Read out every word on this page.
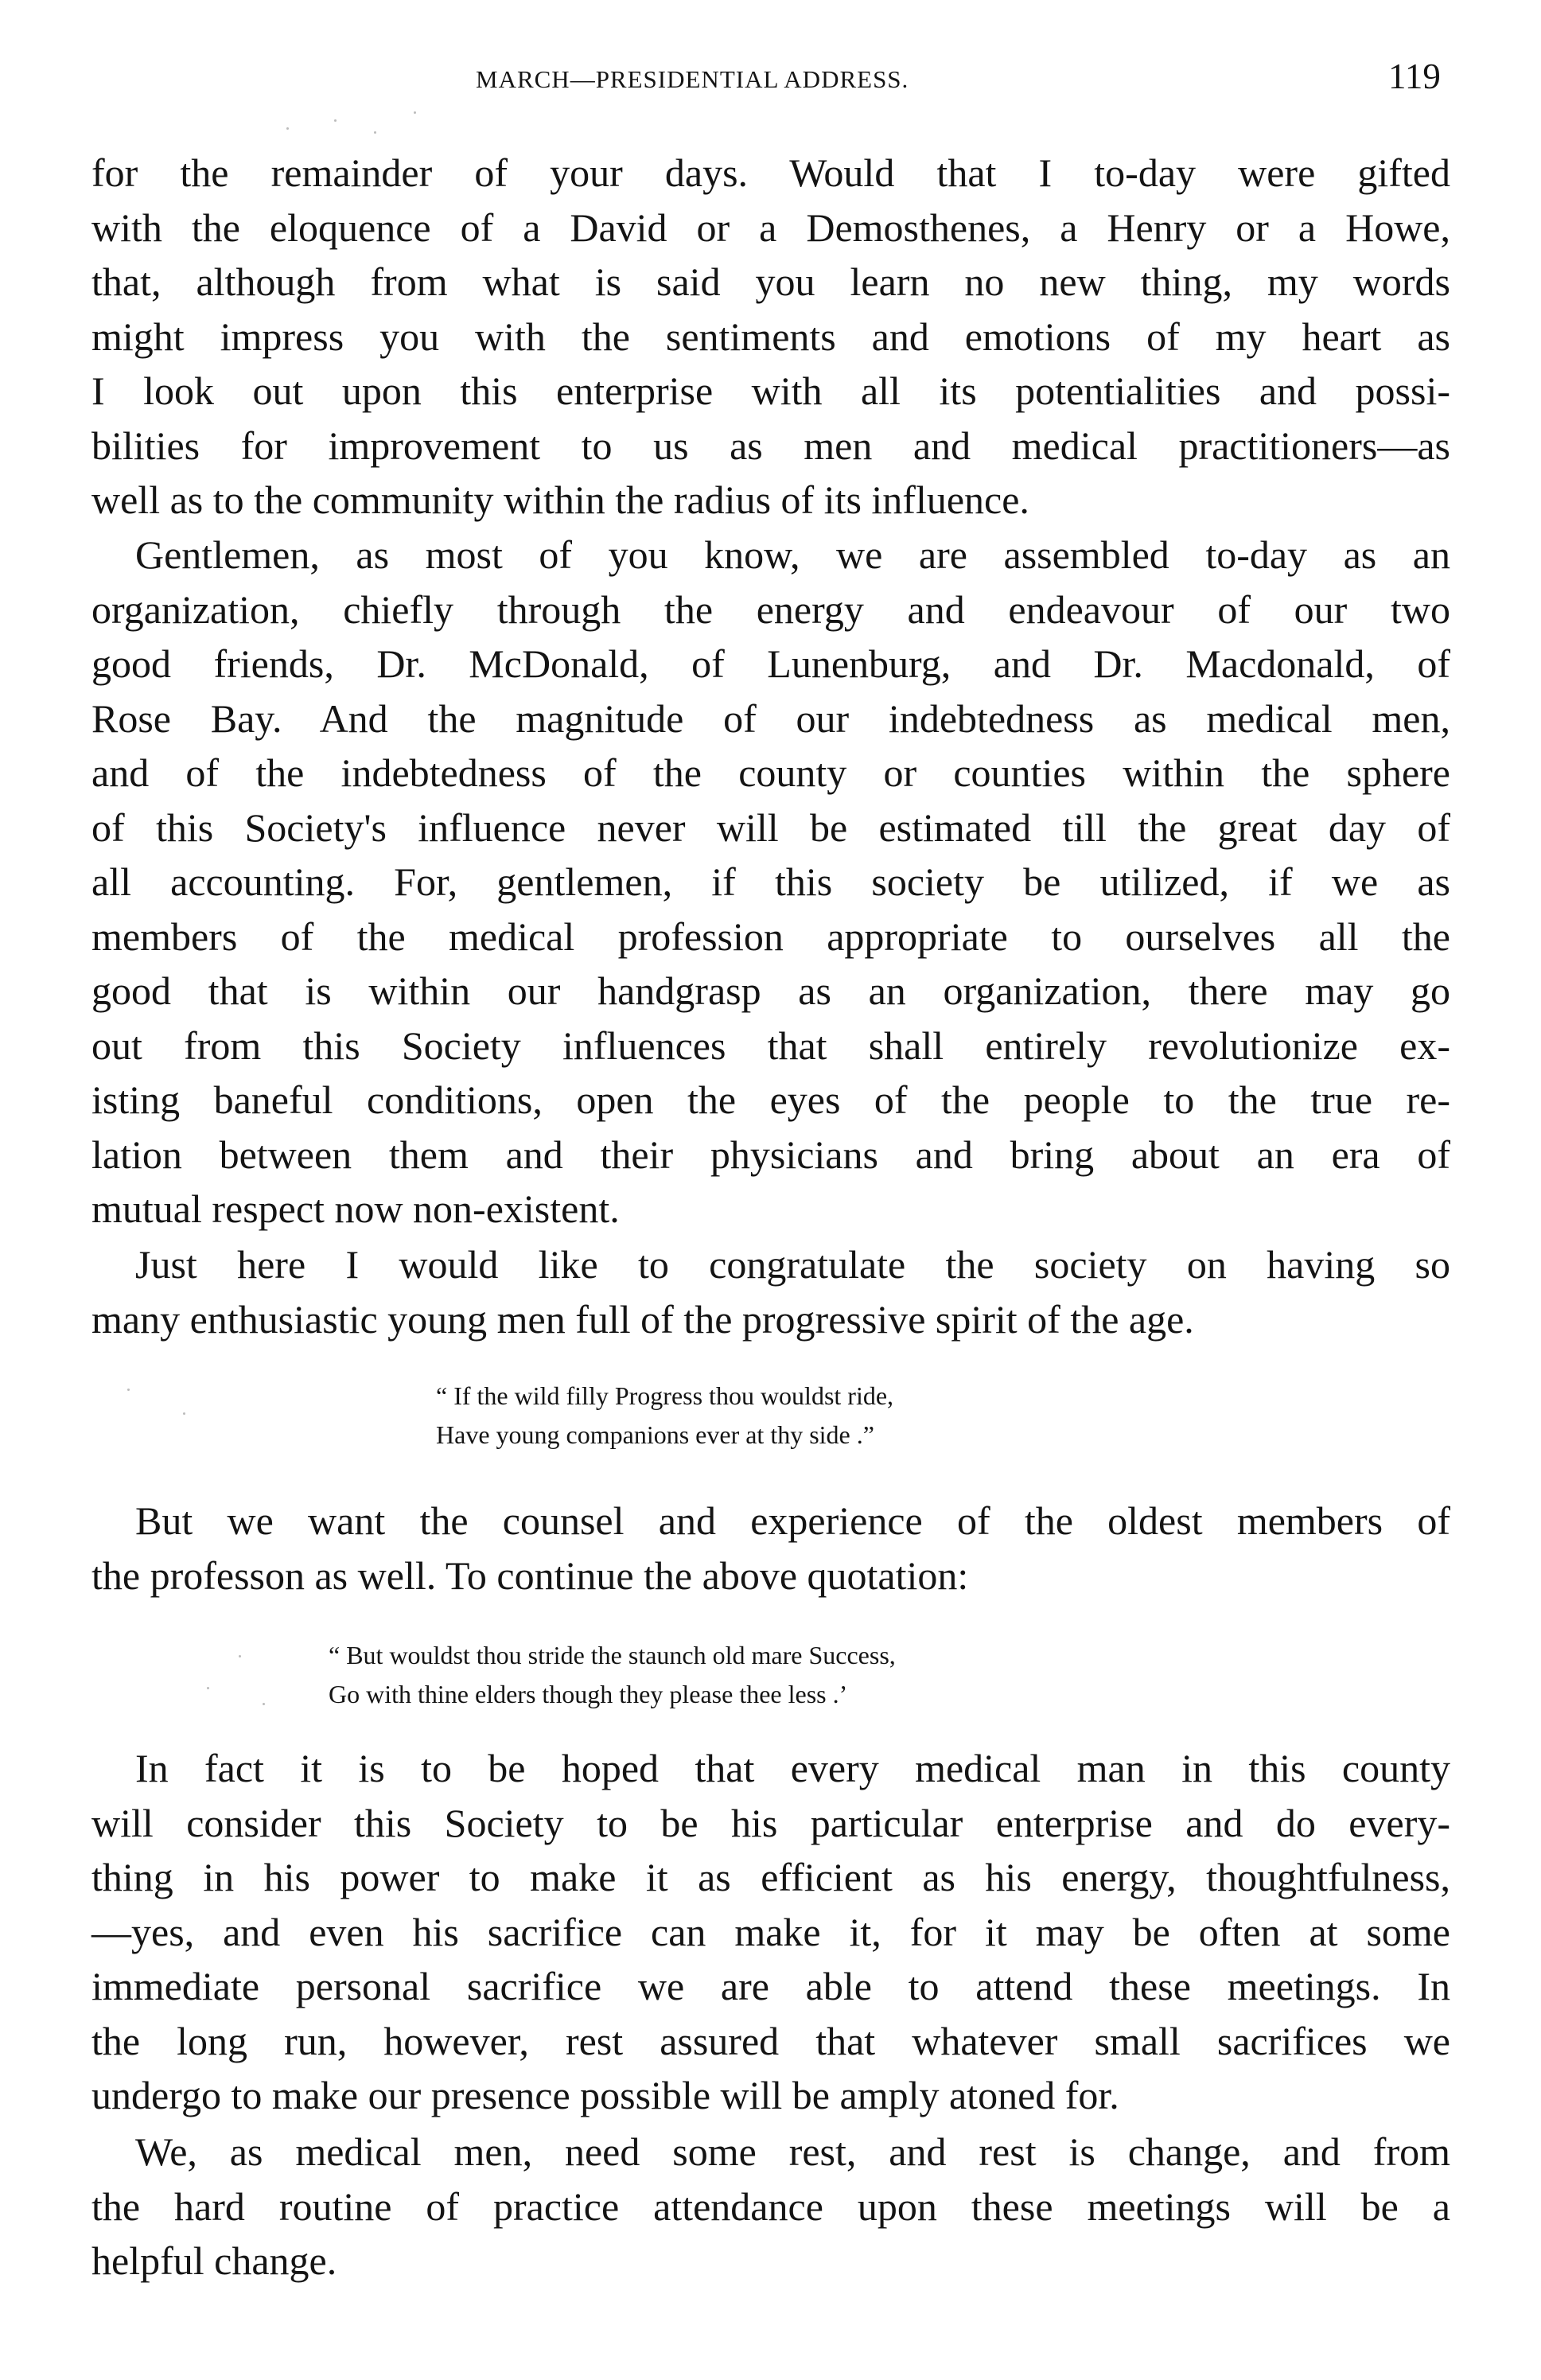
MARCH—PRESIDENTIAL ADDRESS.	119
for the remainder of your days. Would that I to-day were gifted
with the eloquence of a David or a Demosthenes, a Henry or a Howe,
that, although from what is said you learn no new thing, my words
might impress you with the sentiments and emotions of my heart as
I look out upon this enterprise with all its potentialities and possi-
bilities for improvement to us as men and medical practitioners—as
well as to the community within the radius of its influence.
Gentlemen, as most of you know, we are assembled to-day as an
organization, chiefly through the energy and endeavour of our two
good friends, Dr. McDonald, of Lunenburg, and Dr. Macdonald, of
Rose Bay. And the magnitude of our indebtedness as medical men,
and of the indebtedness of the county or counties within the sphere
of this Society's influence never will be estimated till the great day of
all accounting. For, gentlemen, if this society be utilized, if we as
members of the medical profession appropriate to ourselves all the
good that is within our handgrasp as an organization, there may go
out from this Society influences that shall entirely revolutionize ex-
isting baneful conditions, open the eyes of the people to the true re-
lation between them and their physicians and bring about an era of
mutual respect now non-existent.
Just here I would like to congratulate the society on having so
many enthusiastic young men full of the progressive spirit of the age.
“ If the wild filly Progress thou wouldst ride,
Have young companions ever at thy side .”
But we want the counsel and experience of the oldest members of
the professon as well. To continue the above quotation:
“ But wouldst thou stride the staunch old mare Success,
Go with thine elders though they please thee less .’
In fact it is to be hoped that every medical man in this county
will consider this Society to be his particular enterprise and do every-
thing in his power to make it as efficient as his energy, thoughtfulness,
—yes, and even his sacrifice can make it, for it may be often at some
immediate personal sacrifice we are able to attend these meetings. In
the long run, however, rest assured that whatever small sacrifices we
undergo to make our presence possible will be amply atoned for.
We, as medical men, need some rest, and rest is change, and from
the hard routine of practice attendance upon these meetings will be a
helpful change.
